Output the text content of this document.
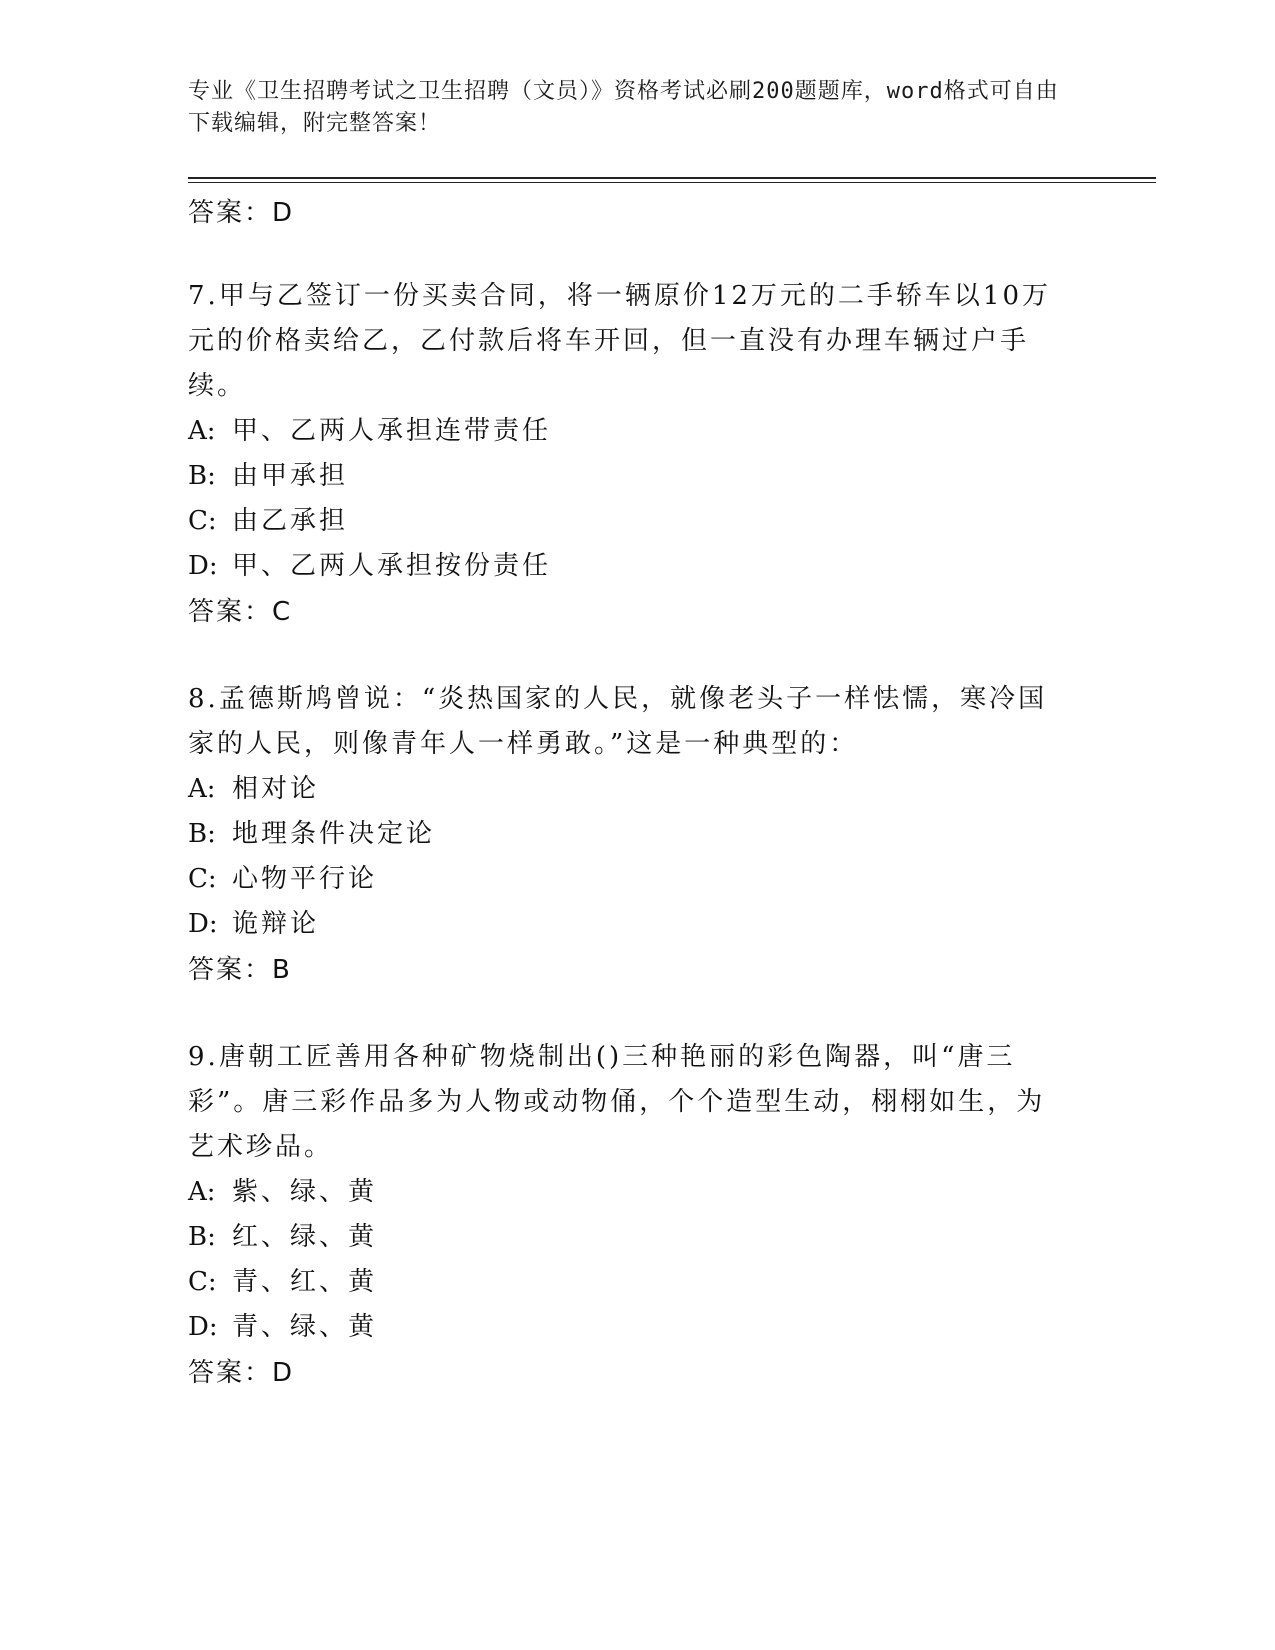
专业《卫生招聘考试之卫生招聘（文员）》资格考试必刷200题题库，word格式可自由下载编辑，附完整答案！
答案：D
7.甲与乙签订一份买卖合同，将一辆原价12万元的二手轿车以10万元的价格卖给乙，乙付款后将车开回，但一直没有办理车辆过户手续。
A: 甲、乙两人承担连带责任
B: 由甲承担
C: 由乙承担
D: 甲、乙两人承担按份责任
答案：C
8.孟德斯鸠曾说：“炎热国家的人民，就像老头子一样怯懦，寒冷国家的人民，则像青年人一样勇敢。”这是一种典型的：
A: 相对论
B: 地理条件决定论
C: 心物平行论
D: 诡辩论
答案：B
9.唐朝工匠善用各种矿物烧制出()三种艳丽的彩色陶器，叫“唐三彩”。唐三彩作品多为人物或动物俑，个个造型生动，栩栩如生，为艺术珍品。
A: 紫、绿、黄
B: 红、绿、黄
C: 青、红、黄
D: 青、绿、黄
答案：D
